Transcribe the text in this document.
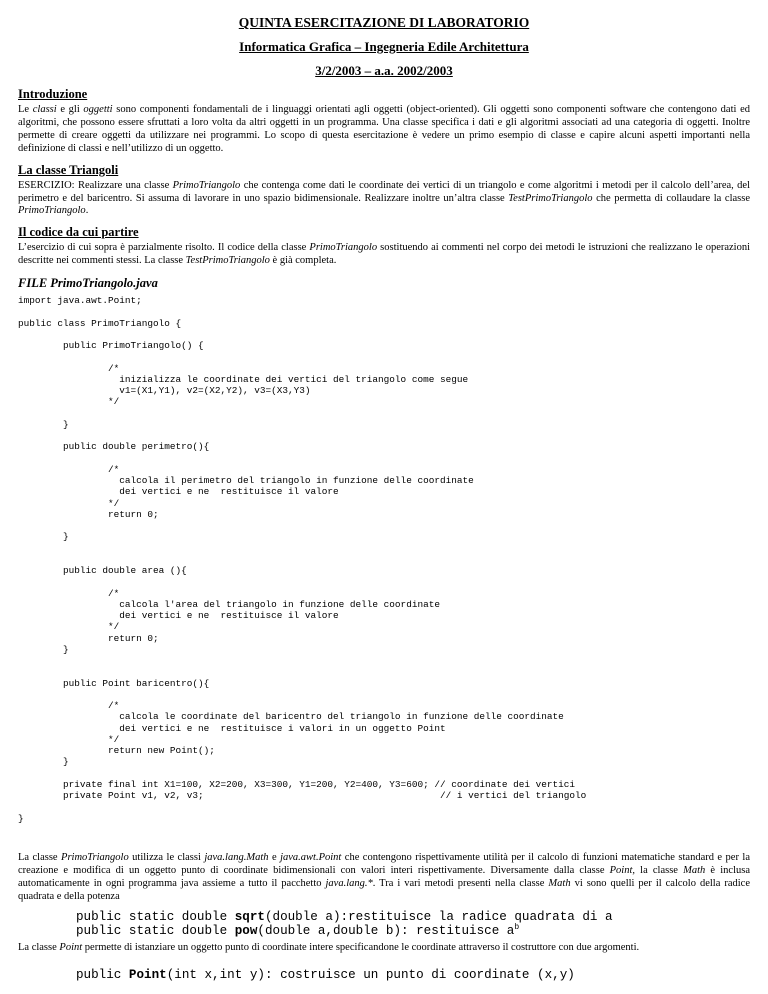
QUINTA ESERCITAZIONE DI LABORATORIO
Informatica Grafica – Ingegneria Edile Architettura
3/2/2003 – a.a. 2002/2003
Introduzione

Le classi e gli oggetti sono componenti fondamentali de i linguaggi orientati agli oggetti (object-oriented). Gli oggetti sono componenti software che contengono dati ed algoritmi, che possono essere sfruttati a loro volta da altri oggetti in un programma. Una classe specifica i dati e gli algoritmi associati ad una categoria di oggetti. Inoltre permette di creare oggetti da utilizzare nei programmi. Lo scopo di questa esercitazione è vedere un primo esempio di classe e capire alcuni aspetti importanti nella definizione di classi e nell’utilizzo di un oggetto.

La classe Triangoli

ESERCIZIO: Realizzare una classe PrimoTriangolo che contenga come dati le coordinate dei vertici di un triangolo e come algoritmi i metodi per il calcolo dell’area, del perimetro e del baricentro. Si assuma di lavorare in uno spazio bidimensionale. Realizzare inoltre un’altra classe TestPrimoTriangolo che permetta di collaudare la classe PrimoTriangolo.

Il codice da cui partire

L’esercizio di cui sopra è parzialmente risolto. Il codice della classe PrimoTriangolo sostituendo ai commenti nel corpo dei metodi le istruzioni che realizzano le operazioni descritte nei commenti stessi. La classe TestPrimoTriangolo è già completa.

FILE PrimoTriangolo.java
import java.awt.Point;

public class PrimoTriangolo {

public PrimoTriangolo() {

/*
inizializza le coordinate dei vertici del triangolo come segue
v1=(X1,Y1), v2=(X2,Y2), v3=(X3,Y3)
*/

}

public double perimetro(){

/*
calcola il perimetro del triangolo in funzione delle coordinate
dei vertici e ne  restituisce il valore
*/
return 0;

}

public double area (){

/*
calcola l'area del triangolo in funzione delle coordinate
dei vertici e ne  restituisce il valore
*/
return 0;
}

public Point baricentro(){

/*
calcola le coordinate del baricentro del triangolo in funzione delle coordinate
dei vertici e ne  restituisce i valori in un oggetto Point
*/
return new Point();
}

private final int X1=100, X2=200, X3=300, Y1=200, Y2=400, Y3=600; // coordinate dei vertici
private Point v1, v2, v3;                                          // i vertici del triangolo

}

La classe PrimoTriangolo utilizza le classi java.lang.Math e java.awt.Point che contengono rispettivamente utilità per il calcolo di funzioni matematiche standard e per la creazione e modifica di un oggetto punto di coordinate bidimensionali con valori interi rispettivamente. Diversamente dalla classe Point, la classe Math è inclusa automaticamente in ogni programma java assieme a tutto il pacchetto java.lang.*. Tra i vari metodi presenti nella classe Math vi sono quelli per il calcolo della radice quadrata e della potenza

public static double sqrt(double a):restituisce la radice quadrata di a
public static double pow(double a,double b): restituisce $a^b$

La classe Point permette di istanziare un oggetto punto di coordinate intere specificandone le coordinate attraverso il costruttore con due argomenti.

public Point(int x,int y): costruisce un punto di coordinate (x,y)
